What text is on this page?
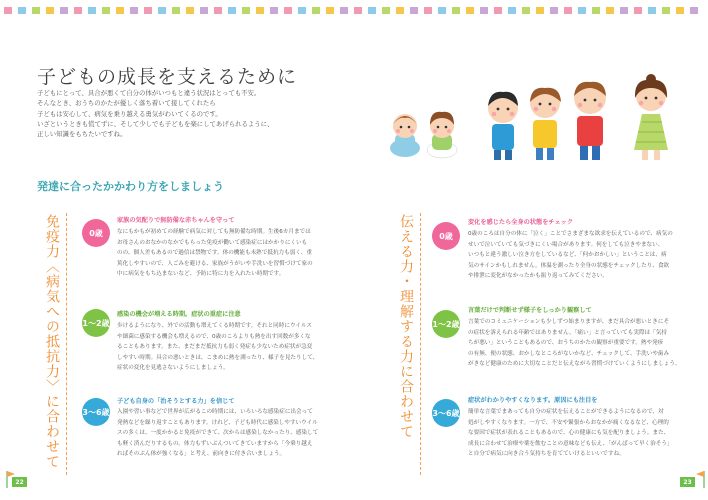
子どもの成長を支えるために
子どもにとって、具合が悪くて自分の体がいつもと違う状況はとっても不安。
そんなとき、おうちのかたが優しく落ち着いて接してくれたら
子どもは安心して、病気を乗り越える勇気がわいてくるのです。
いざというときも慌てずに、そして少しでも子どもを楽にしてあげられるように、
正しい知識をもちたいですね。
発達に合ったかかわり方をしましょう
免疫力〈病気への抵抗力〉に合わせて	0歳
家族の気配りで無防備な赤ちゃんを守って
なにもかもが初めての経験で病気に対しても無防備な時期。生後6カ月までは
お母さんのおなかのなかでもらった免疫が働いて感染症にはかかりにくいも
のの、個人差もあるので過信は禁物です。体の機能も未熟で抵抗力も弱く、重
篤化しやすいので、人ごみを避ける、家族がうがいや手洗いを習慣づけて家の
中に病気をもち込まないなど、予防に特に力を入れたい時期です。
1〜2歳
感染の機会が増える時期。症状の重症に注意
歩けるようになり、外での活動も増えてくる時期です。それと同時にウイルス
や細菌に感染する機会も増えるので、0歳のころよりも熱を出す回数が多くな
ることもあります。また、まだまだ抵抗力も弱く発症も少ないため症状が急変
しやすい時期。具合の悪いときは、こまめに熱を測ったり、様子を見たりして、
症状の変化を見逃さないようにしましょう。
3〜6歳
子ども自身の「治そうとする力」を信じて
入園や習い事などで世界が広がるこの時期には、いろいろな感染症に出会って
発熱などを繰り返すこともあります。けれど、子ども時代に感染しやすいウイル
スの多くは、一度かかると免疫ができて、次からは感染しなかったり、感染して
も軽く済んだりするもの。体力もずいぶんついてきていますから「今乗り越え
ればそのぶん体が強くなる」と考え、前向きに付き合いましょう。
伝える力・理解する力に合わせて	0歳
変化を感じたら全身の状態をチェック
0歳のころは自分の体に「泣く」ことでさまざまな欲求を伝えているので、病気の
せいで泣いていても気づきにくい場合があります。何をしても泣きやまない、
いつもと違う激しい泣き方をしているなど、「何かおかしい」ということは、病
気のサインかもしれません。体温を測ったり全身の状態をチェックしたり、食欲
や排泄に変化がなかったかも振り返ってみてください。
1〜2歳
言葉だけで判断せず様子をしっかり観察して
言葉でのコミュニケーションも少しずつ始まりますが、まだ具合が悪いときにそ
の症状を訴えられる年齢ではありません。「痛い」と言っていても実際は「気持
ちが悪い」ということもあるので、おうちのかたの観察が重要です。熱や発疹
の有無、便の状態、おかしなところがないかなど、チェックして、手洗いや歯み
がきなど健康のために大切なことだと伝えながら習慣づけていくようにしましょう。
3〜6歳
症状がわかりやすくなります。原因にも注目を
簡単な言葉でまあっても自分の症状を伝えることができるようになるので、対
処がしやすくなります。一方で、不安や緊張からおなかが痛くなるなど、心理的
な要因で症状が表れることもあるので、心の健康にも気を配りましょう。また、
成長に合わせて治療や薬を飲むことの意味なども伝え、「がんばって早く治そう」
と自分で病気に向き合う気持ちを育てていけるといいですね。
22	23
